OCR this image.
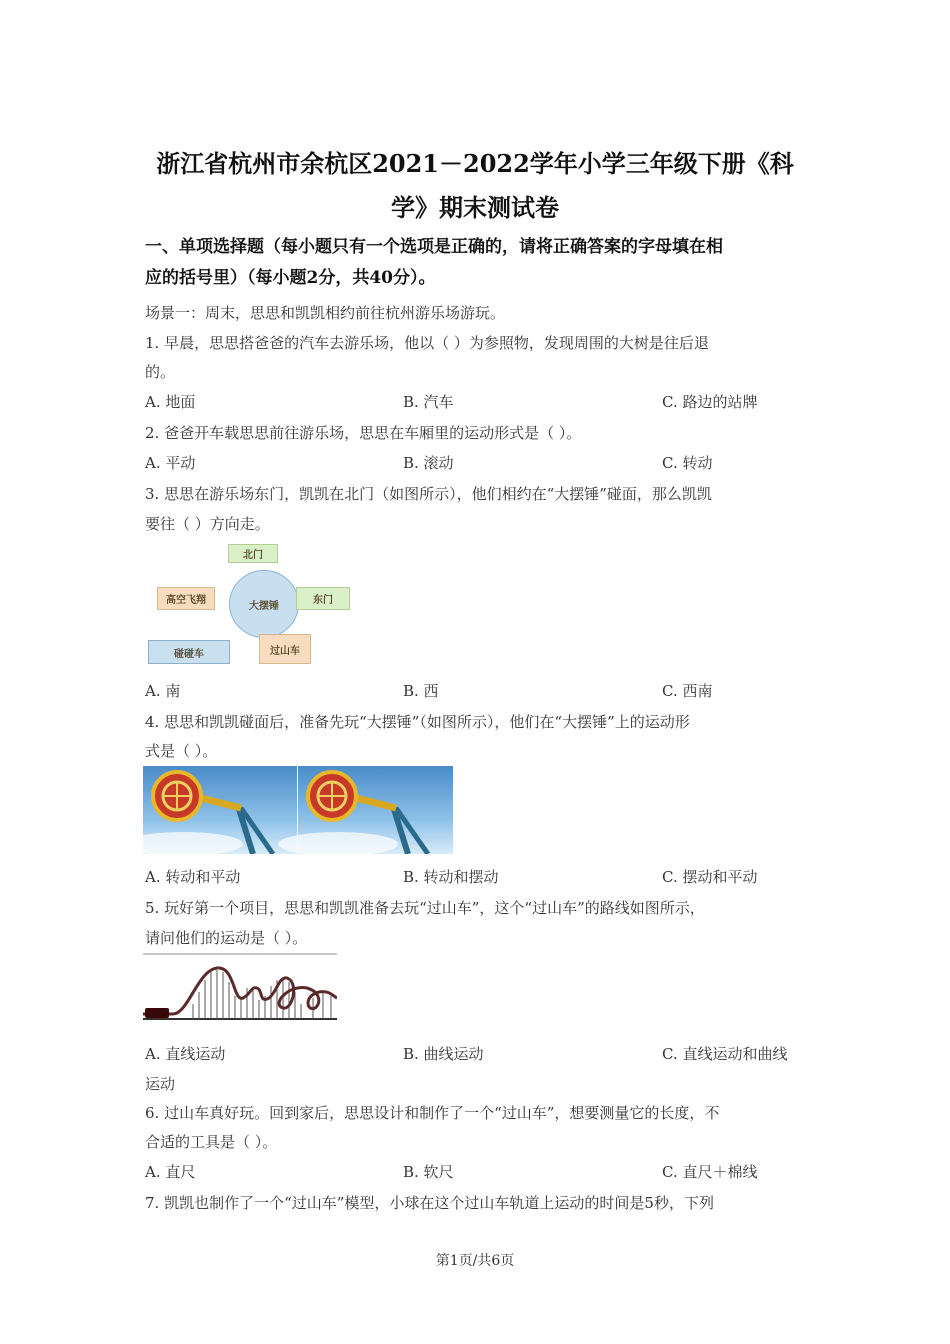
浙江省杭州市余杭区2021－2022学年小学三年级下册《科
学》期末测试卷
一、单项选择题（每小题只有一个选项是正确的，请将正确答案的字母填在相
应的括号里）（每小题2分，共40分）。
场景一：周末，思思和凯凯相约前往杭州游乐场游玩。
1. 早晨，思思搭爸爸的汽车去游乐场，他以（ ）为参照物，发现周围的大树是往后退
的。
A. 地面	B. 汽车	C. 路边的站牌
2. 爸爸开车载思思前往游乐场，思思在车厢里的运动形式是（ ）。
A. 平动	B. 滚动	C. 转动
3. 思思在游乐场东门，凯凯在北门（如图所示），他们相约在“大摆锤”碰面，那么凯凯
要往（ ）方向走。
北门
大摆锤	东门
高空飞翔
碰碰车	过山车
A. 南	B. 西	C. 西南
4. 思思和凯凯碰面后，准备先玩“大摆锤”（如图所示），他们在“大摆锤”上的运动形
式是（ ）。
A. 转动和平动	B. 转动和摆动	C. 摆动和平动
5. 玩好第一个项目，思思和凯凯准备去玩“过山车”，这个“过山车”的路线如图所示，
请问他们的运动是（ ）。
A. 直线运动	B. 曲线运动	C. 直线运动和曲线
运动
6. 过山车真好玩。回到家后，思思设计和制作了一个“过山车”，想要测量它的长度，不
合适的工具是（ ）。
A. 直尺	B. 软尺	C. 直尺＋棉线
7. 凯凯也制作了一个“过山车”模型，小球在这个过山车轨道上运动的时间是5秒，下列
第1页/共6页
